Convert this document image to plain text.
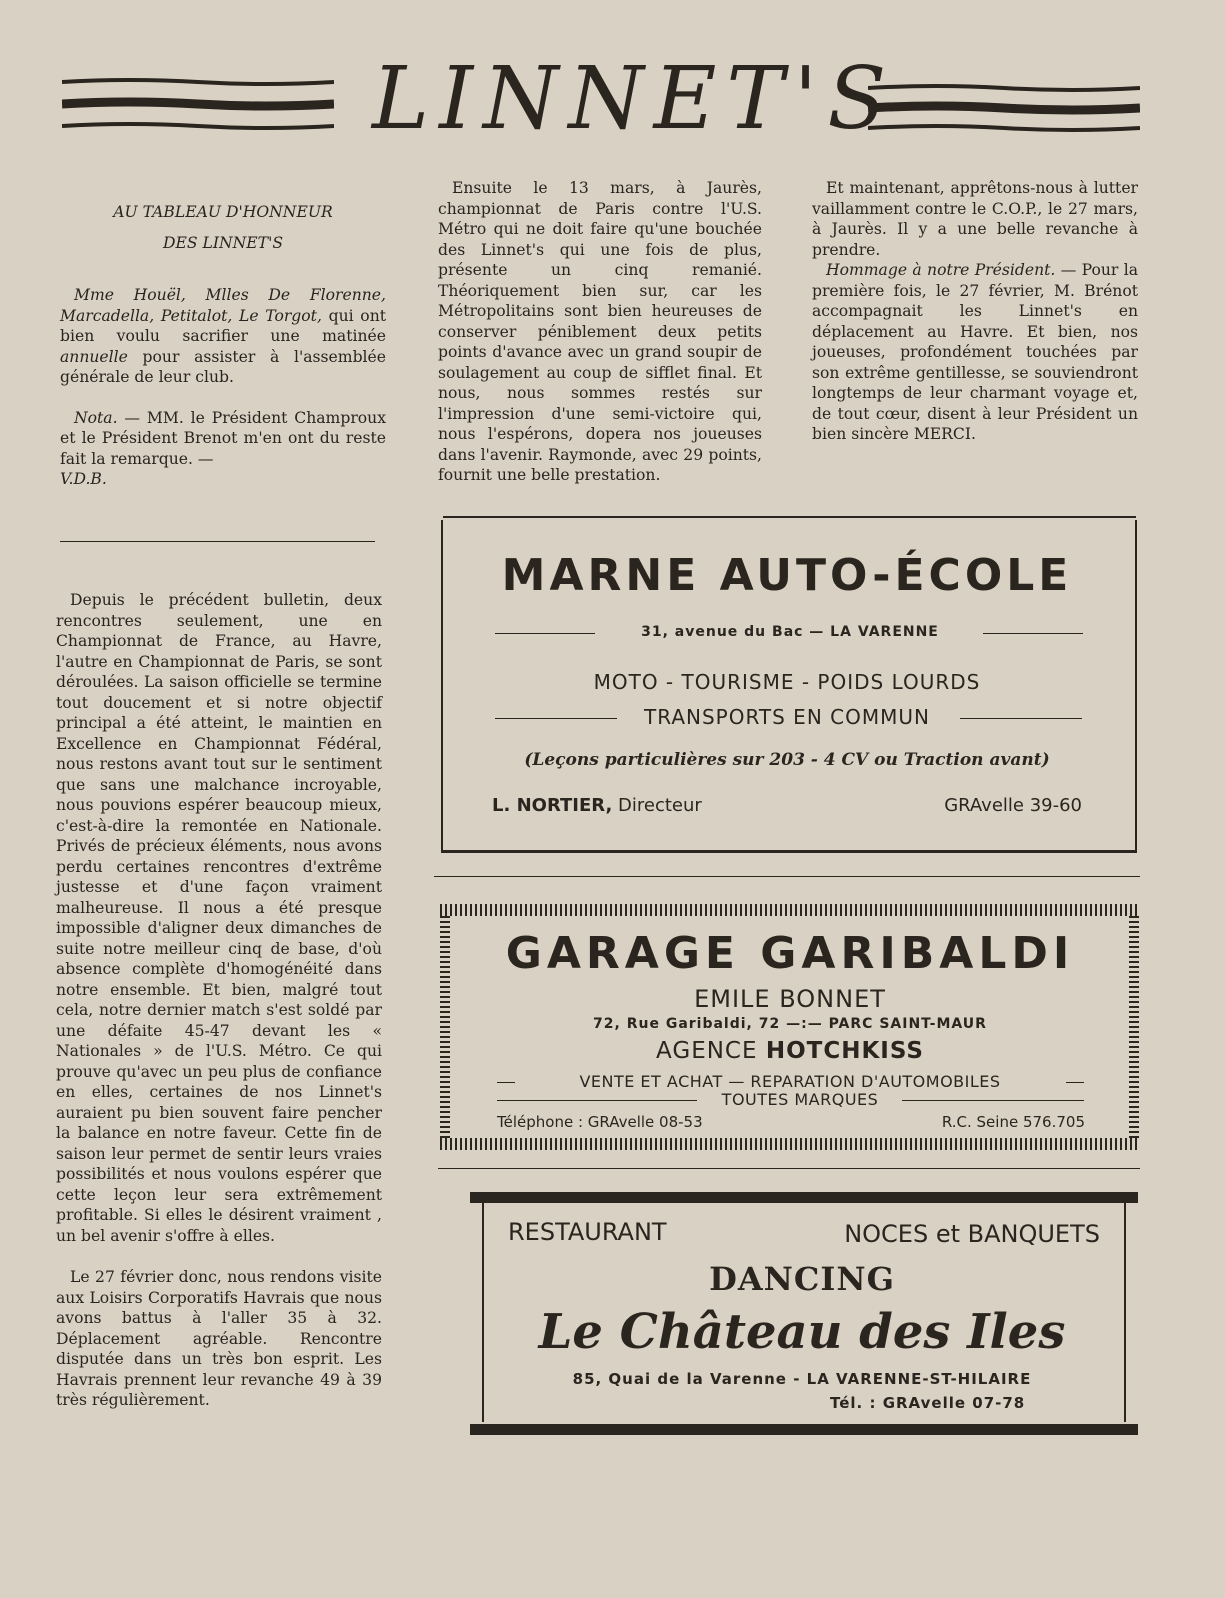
LINNET'S

AU TABLEAU D'HONNEUR

DES LINNET'S

Mme Houël, Mlles De Florenne, Marcadella, Petitalot, Le Torgot, qui ont bien voulu sacrifier une matinée annuelle pour assister à l'assemblée générale de leur club.

Nota. — MM. le Président Champroux et le Président Brenot m'en ont du reste fait la remarque. —
V.D.B.

Depuis le précédent bulletin, deux rencontres seulement, une en Championnat de France, au Havre, l'autre en Championnat de Paris, se sont déroulées. La saison officielle se termine tout doucement et si notre objectif principal a été atteint, le maintien en Excellence en Championnat Fédéral, nous restons avant tout sur le sentiment que sans une malchance incroyable, nous pouvions espérer beaucoup mieux, c'est-à-dire la remontée en Nationale. Privés de précieux éléments, nous avons perdu certaines rencontres d'extrême justesse et d'une façon vraiment malheureuse. Il nous a été presque impossible d'aligner deux dimanches de suite notre meilleur cinq de base, d'où absence complète d'homogénéité dans notre ensemble. Et bien, malgré tout cela, notre dernier match s'est soldé par une défaite 45-47 devant les « Nationales » de l'U.S. Métro. Ce qui prouve qu'avec un peu plus de confiance en elles, certaines de nos Linnet's auraient pu bien souvent faire pencher la balance en notre faveur. Cette fin de saison leur permet de sentir leurs vraies possibilités et nous voulons espérer que cette leçon leur sera extrêmement profitable. Si elles le désirent vraiment , un bel avenir s'offre à elles.

Le 27 février donc, nous rendons visite aux Loisirs Corporatifs Havrais que nous avons battus à l'aller 35 à 32. Déplacement agréable. Rencontre disputée dans un très bon esprit. Les Havrais prennent leur revanche 49 à 39 très régulièrement.

Ensuite le 13 mars, à Jaurès, championnat de Paris contre l'U.S. Métro qui ne doit faire qu'une bouchée des Linnet's qui une fois de plus, présente un cinq remanié. Théoriquement bien sur, car les Métropolitains sont bien heureuses de conserver péniblement deux petits points d'avance avec un grand soupir de soulagement au coup de sifflet final. Et nous, nous sommes restés sur l'impression d'une semi-victoire qui, nous l'espérons, dopera nos joueuses dans l'avenir. Raymonde, avec 29 points, fournit une belle prestation.

Et maintenant, apprêtons-nous à lutter vaillamment contre le C.O.P., le 27 mars, à Jaurès. Il y a une belle revanche à prendre.

Hommage à notre Président. — Pour la première fois, le 27 février, M. Brénot accompagnait les Linnet's en déplacement au Havre. Et bien, nos joueuses, profondément touchées par son extrême gentillesse, se souviendront longtemps de leur charmant voyage et, de tout cœur, disent à leur Président un bien sincère MERCI.

MARNE AUTO-ÉCOLE
31, avenue du Bac — LA VARENNE
MOTO - TOURISME - POIDS LOURDS
TRANSPORTS EN COMMUN
(Leçons particulières sur 203 - 4 CV ou Traction avant)
L. NORTIER, Directeur	GRAvelle 39-60
GARAGE GARIBALDI
EMILE BONNET
72, Rue Garibaldi, 72 —:— PARC SAINT-MAUR
AGENCE HOTCHKISS
VENTE ET ACHAT — REPARATION D'AUTOMOBILES
TOUTES MARQUES
Téléphone : GRAvelle 08-53	R.C. Seine 576.705
RESTAURANT	NOCES et BANQUETS
DANCING
Le Château des Iles
85, Quai de la Varenne - LA VARENNE-ST-HILAIRE
Tél. : GRAvelle 07-78
